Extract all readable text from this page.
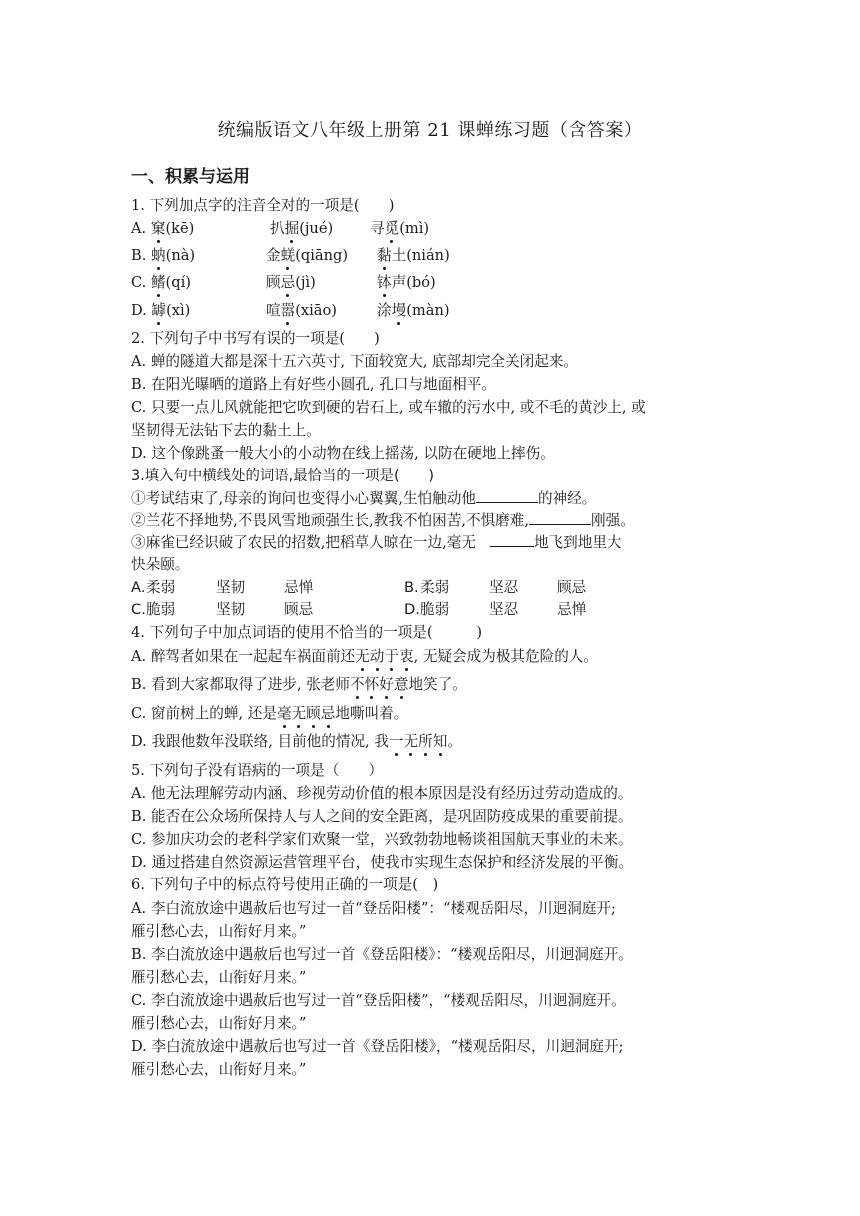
统编版语文八年级上册第 21 课蝉练习题（含答案）
一、积累与运用
1. 下列加点字的注音全对的一项是(　　)
A. 窠(kē)	扒掘(jué)	寻觅(mì)
B. 蚋(nà)	金蜣(qiāng) 黏土(nián)
C. 鳍(qí)	顾忌(jì)	钵声(bó)
D. 罅(xì)	喧嚣(xiāo)	涂墁(màn)
2. 下列句子中书写有误的一项是(　　)
A. 蝉的隧道大都是深十五六英寸, 下面较宽大, 底部却完全关闭起来。
B. 在阳光曝晒的道路上有好些小圆孔, 孔口与地面相平。
C. 只要一点儿风就能把它吹到硬的岩石上, 或车辙的污水中, 或不毛的黄沙上, 或
坚韧得无法钻下去的黏土上。
D. 这个像跳蚤一般大小的小动物在线上摇荡, 以防在硬地上摔伤。
3.填入句中横线处的词语,最恰当的一项是(　　)
①考试结束了,母亲的询问也变得小心翼翼,生怕触动他	的神经。
②兰花不择地势,不畏风雪地顽强生长,教我不怕困苦,不惧磨难,	刚强。
③麻雀已经识破了农民的招数,把稻草人晾在一边,毫无	地飞到地里大
快朵颐。
A. 柔弱	坚韧	忌惮	B. 柔弱	坚忍	顾忌
C. 脆弱	坚韧	顾忌	D. 脆弱	坚忍	忌惮
4. 下列句子中加点词语的使用不恰当的一项是(　　　)
A. 醉驾者如果在一起起车祸面前还无动于衷, 无疑会成为极其危险的人。
B. 看到大家都取得了进步, 张老师不怀好意地笑了。
C. 窗前树上的蝉, 还是毫无顾忌地嘶叫着。
D. 我跟他数年没联络, 目前他的情况, 我一无所知。
5. 下列句子没有语病的一项是（　　）
A. 他无法理解劳动内涵、珍视劳动价值的根本原因是没有经历过劳动造成的。
B. 能否在公众场所保持人与人之间的安全距离，是巩固防疫成果的重要前提。
C. 参加庆功会的老科学家们欢聚一堂，兴致勃勃地畅谈祖国航天事业的未来。
D. 通过搭建自然资源运营管理平台，使我市实现生态保护和经济发展的平衡。
6. 下列句子中的标点符号使用正确的一项是(　)
A. 李白流放途中遇赦后也写过一首“登岳阳楼”：“楼观岳阳尽，川迥洞庭开;
雁引愁心去，山衔好月来。”
B. 李白流放途中遇赦后也写过一首《登岳阳楼》：“楼观岳阳尽，川迥洞庭开。
雁引愁心去，山衔好月来。”
C. 李白流放途中遇赦后也写过一首“登岳阳楼”，“楼观岳阳尽，川迥洞庭开。
雁引愁心去，山衔好月来。”
D. 李白流放途中遇赦后也写过一首《登岳阳楼》，“楼观岳阳尽，川迥洞庭开;
雁引愁心去，山衔好月来。”
